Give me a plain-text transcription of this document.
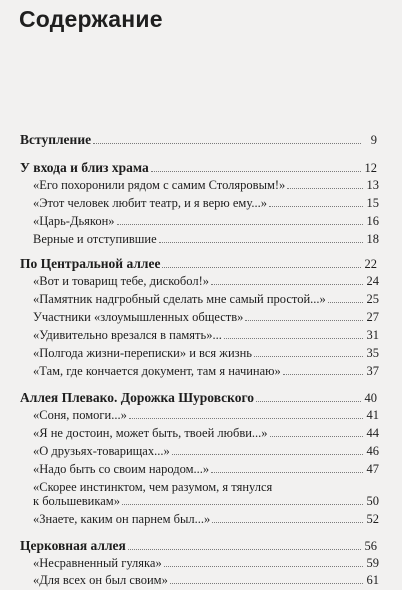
Содержание
Вступление	9
У входа и близ храма	12
«Его похоронили рядом с самим Столяровым!»	13
«Этот человек любит театр, и я верю ему...»	15
«Царь-Дьякон»	16
Верные и отступившие	18
По Центральной аллее	22
«Вот и товарищ тебе, дискобол!»	24
«Памятник надгробный сделать мне самый простой...»	25
Участники «злоумышленных обществ»	27
«Удивительно врезался в память»...	31
«Полгода жизни-переписки» и вся жизнь	35
«Там, где кончается документ, там я начинаю»	37
Аллея Плевако. Дорожка Шуровского	40
«Соня, помоги...»	41
«Я не достоин, может быть, твоей любви...»	44
«О друзьях-товарищах...»	46
«Надо быть со своим народом...»	47
«Скорее инстинктом, чем разумом, я тянулся
к большевикам»	50
«Знаете, каким он парнем был...»	52
Церковная аллея	56
«Несравненный гуляка»	59
«Для всех он был своим»	61
